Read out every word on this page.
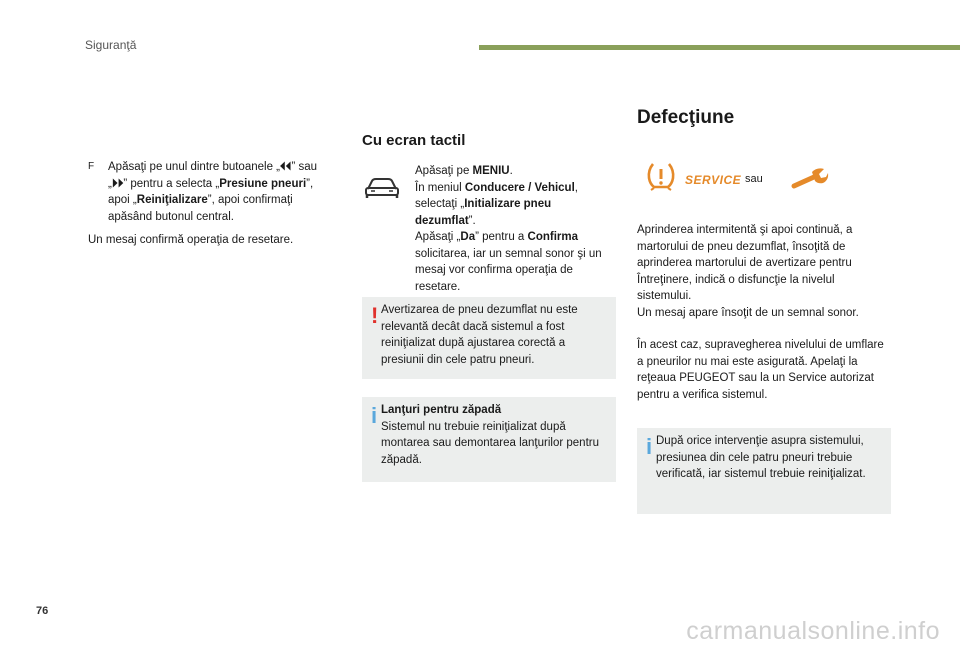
Siguranţă
F Apăsaţi pe unul dintre butoanele „⏴⏴” sau „⏵⏵” pentru a selecta „Presiune pneuri”, apoi „Reiniţializare”, apoi confirmaţi apăsând butonul central.
Un mesaj confirmă operaţia de resetare.
Cu ecran tactil
Apăsaţi pe MENIU.
În meniul Conducere / Vehicul, selectaţi „Initializare pneu dezumflat”.
Apăsaţi „Da” pentru a Confirma solicitarea, iar un semnal sonor şi un mesaj vor confirma operaţia de resetare.
! Avertizarea de pneu dezumflat nu este relevantă decât dacă sistemul a fost reiniţializat după ajustarea corectă a presiunii din cele patru pneuri.
i Lanţuri pentru zăpadă
Sistemul nu trebuie reiniţializat după montarea sau demontarea lanţurilor pentru zăpadă.
Defecţiune
SERVICE sau
Aprinderea intermitentă şi apoi continuă, a martorului de pneu dezumflat, însoţită de aprinderea martorului de avertizare pentru Întreţinere, indică o disfuncţie la nivelul sistemului.
Un mesaj apare însoţit de un semnal sonor.
În acest caz, supravegherea nivelului de umflare a pneurilor nu mai este asigurată. Apelaţi la reţeaua PEUGEOT sau la un Service autorizat pentru a verifica sistemul.
i După orice intervenţie asupra sistemului, presiunea din cele patru pneuri trebuie verificată, iar sistemul trebuie reiniţializat.
76
carmanualsonline.info
